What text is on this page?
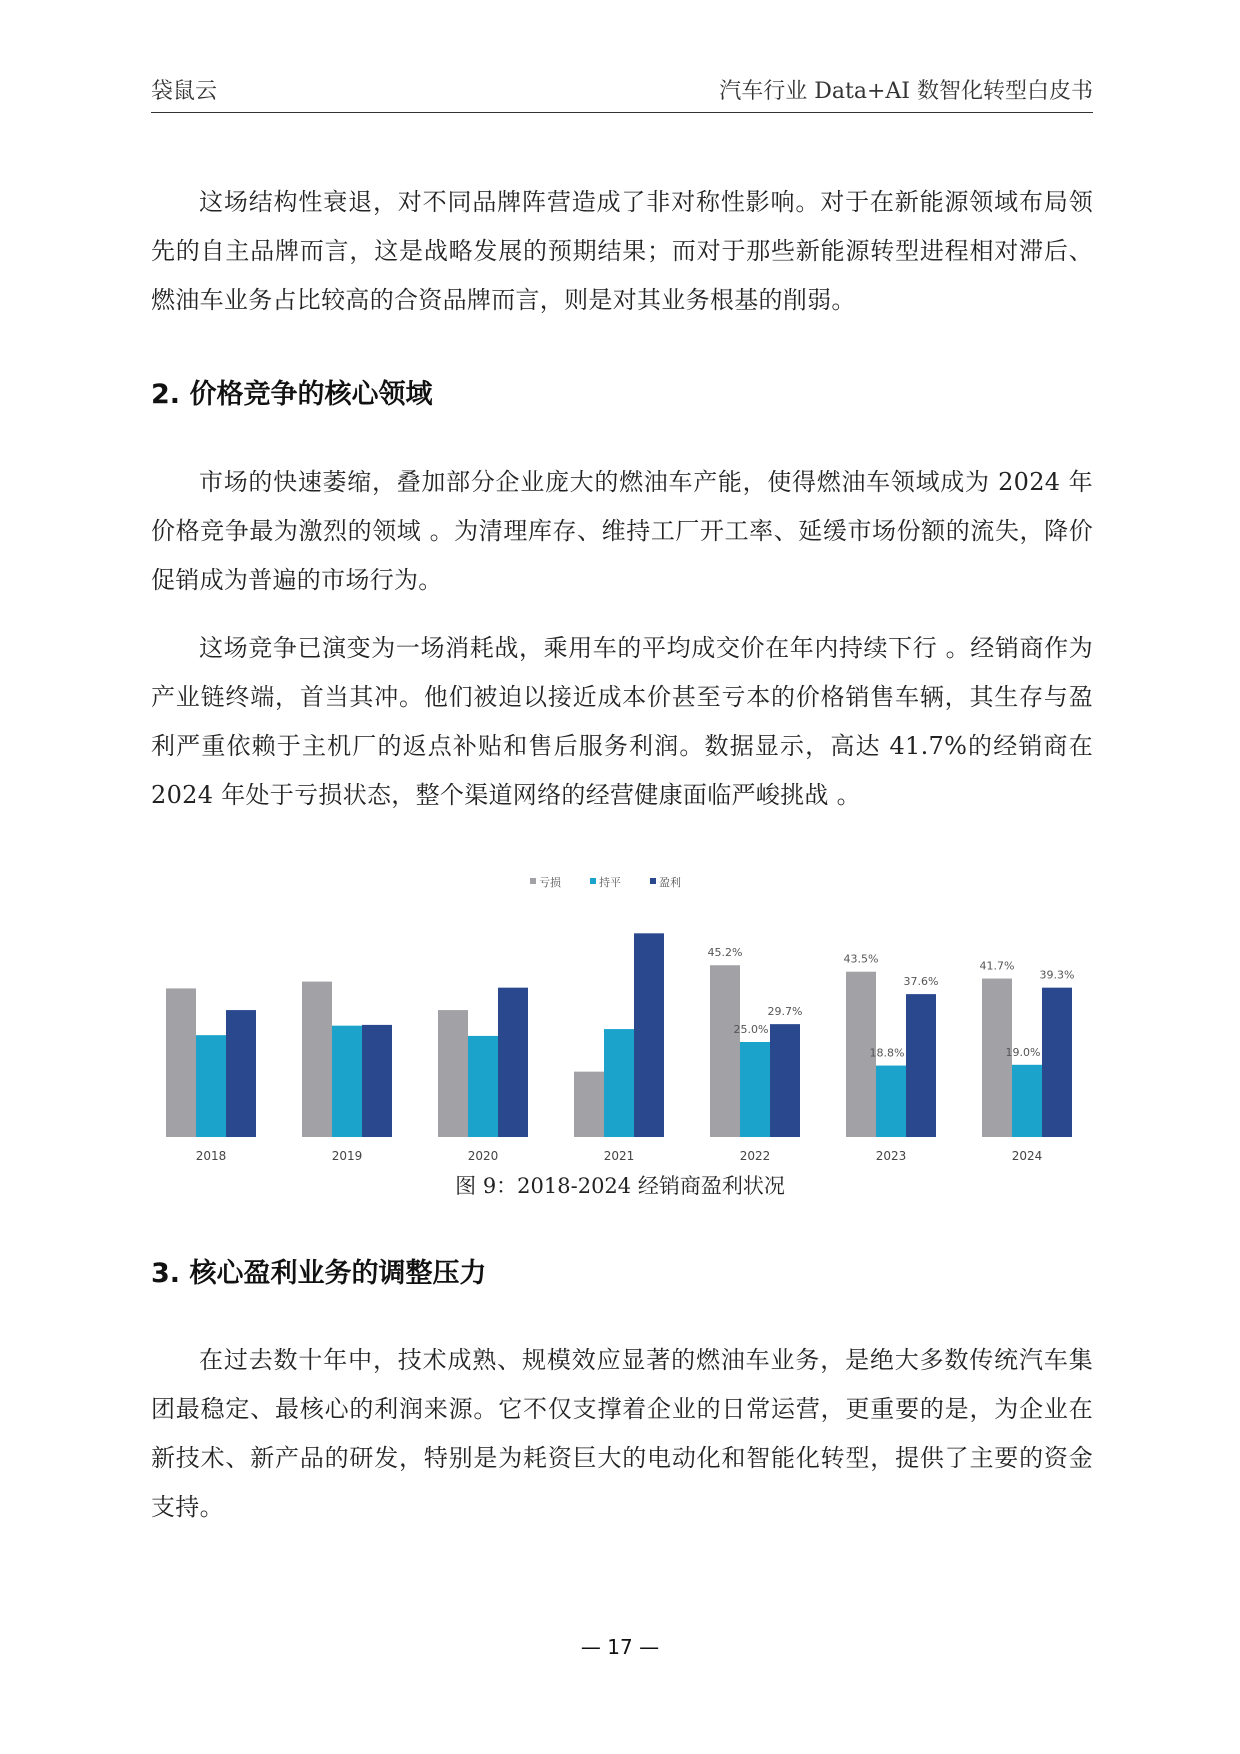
袋鼠云	汽车行业 Data+AI 数智化转型白皮书
这场结构性衰退，对不同品牌阵营造成了非对称性影响。对于在新能源领域布局领先的自主品牌而言，这是战略发展的预期结果；而对于那些新能源转型进程相对滞后、燃油车业务占比较高的合资品牌而言，则是对其业务根基的削弱。
2. 价格竞争的核心领域
市场的快速萎缩，叠加部分企业庞大的燃油车产能，使得燃油车领域成为 2024 年价格竞争最为激烈的领域 。为清理库存、维持工厂开工率、延缓市场份额的流失，降价促销成为普遍的市场行为。
这场竞争已演变为一场消耗战，乘用车的平均成交价在年内持续下行 。经销商作为产业链终端，首当其冲。他们被迫以接近成本价甚至亏本的价格销售车辆，其生存与盈利严重依赖于主机厂的返点补贴和售后服务利润。数据显示，高达 41.7%的经销商在 2024 年处于亏损状态，整个渠道网络的经营健康面临严峻挑战 。
亏损	持平	盈利
2018	2019	2020	2021
45.2%
25.0%
29.7%
2022
43.5%
18.8%
37.6%
2023
41.7%
19.0%
39.3%
2024
图 9：2018-2024 经销商盈利状况
3. 核心盈利业务的调整压力
在过去数十年中，技术成熟、规模效应显著的燃油车业务，是绝大多数传统汽车集团最稳定、最核心的利润来源。它不仅支撑着企业的日常运营，更重要的是，为企业在新技术、新产品的研发，特别是为耗资巨大的电动化和智能化转型，提供了主要的资金支持。
— 17 —
